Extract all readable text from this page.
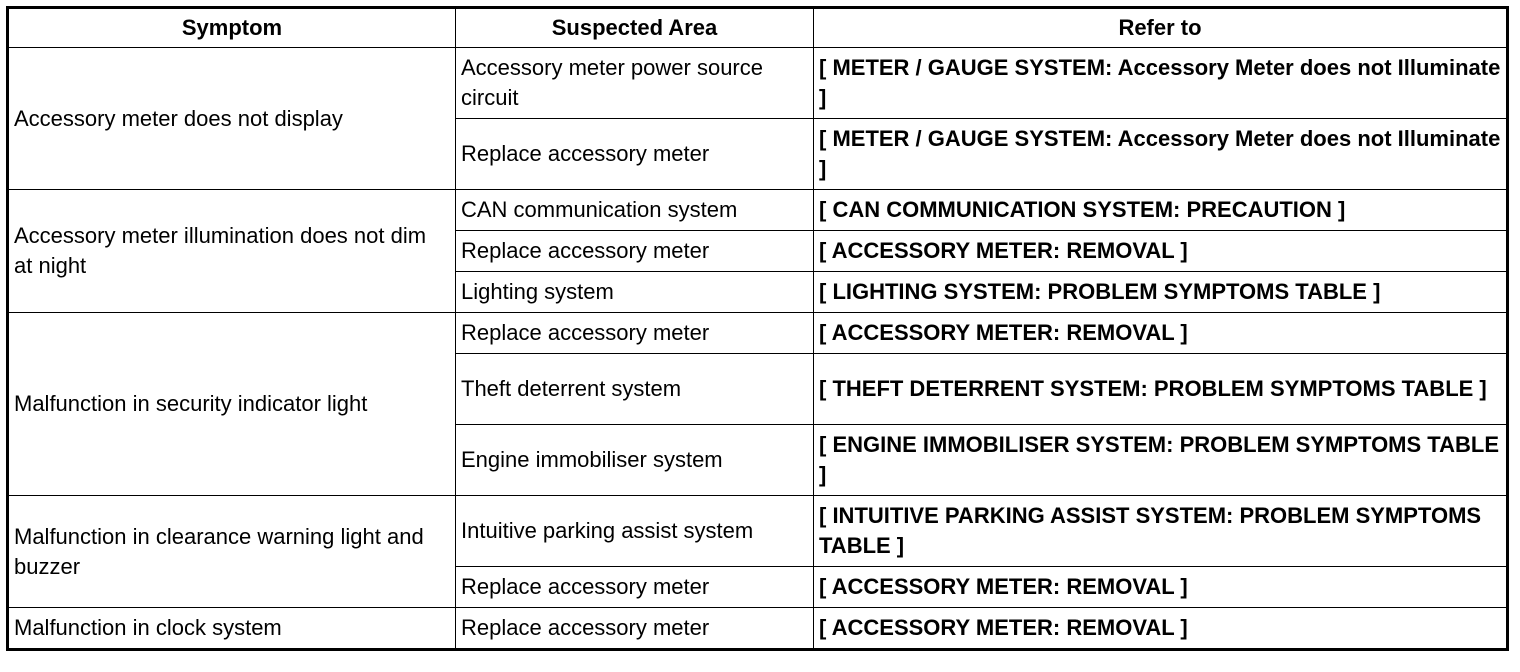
Symptom	Suspected Area	Refer to
Accessory meter does not display	Accessory meter power source circuit	[ METER / GAUGE SYSTEM: Accessory Meter does not Illuminate ]
	Replace accessory meter	[ METER / GAUGE SYSTEM: Accessory Meter does not Illuminate ]
Accessory meter illumination does not dim at night	CAN communication system	[ CAN COMMUNICATION SYSTEM: PRECAUTION ]
	Replace accessory meter	[ ACCESSORY METER: REMOVAL ]
	Lighting system	[ LIGHTING SYSTEM: PROBLEM SYMPTOMS TABLE ]
Malfunction in security indicator light	Replace accessory meter	[ ACCESSORY METER: REMOVAL ]
	Theft deterrent system	[ THEFT DETERRENT SYSTEM: PROBLEM SYMPTOMS TABLE ]
	Engine immobiliser system	[ ENGINE IMMOBILISER SYSTEM: PROBLEM SYMPTOMS TABLE ]
Malfunction in clearance warning light and buzzer	Intuitive parking assist system	[ INTUITIVE PARKING ASSIST SYSTEM: PROBLEM SYMPTOMS TABLE ]
	Replace accessory meter	[ ACCESSORY METER: REMOVAL ]
Malfunction in clock system	Replace accessory meter	[ ACCESSORY METER: REMOVAL ]
